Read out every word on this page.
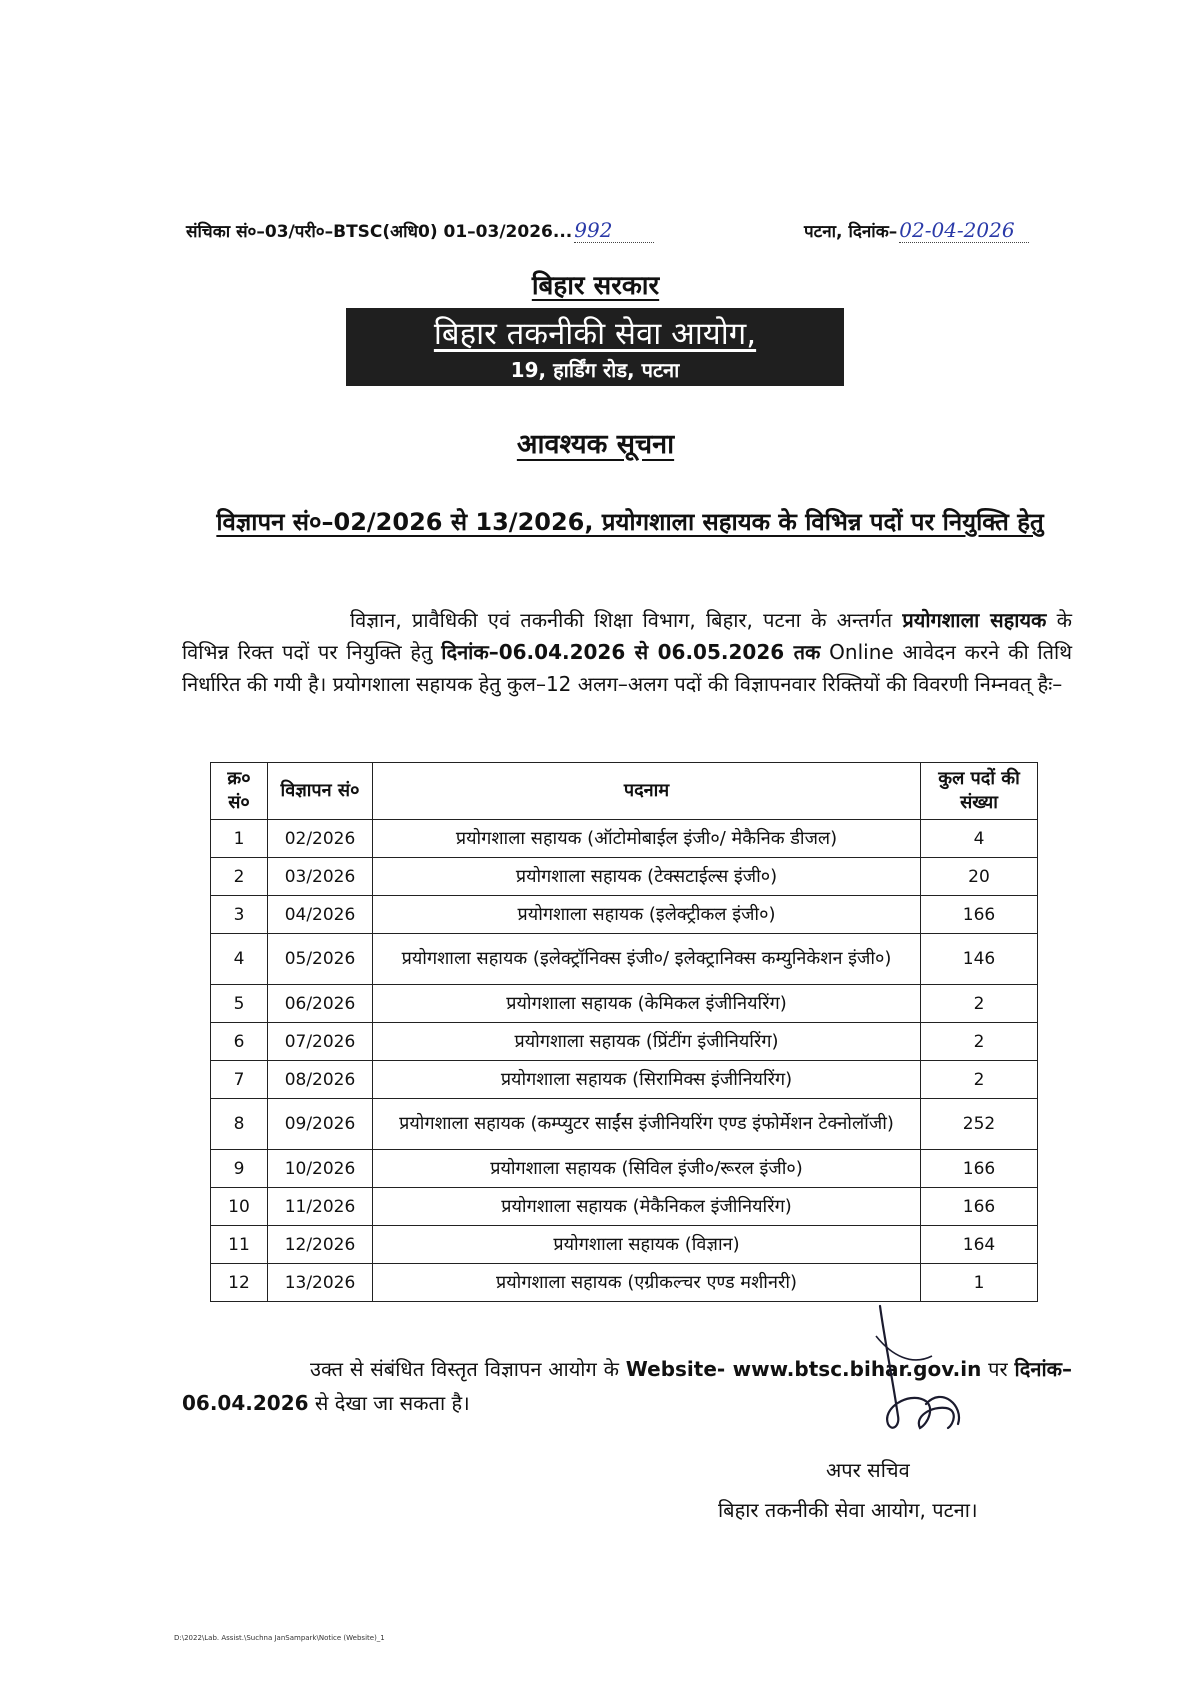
संचिका सं०–03/परी०–BTSC(अधि0) 01–03/2026... 992	पटना, दिनांक– 02-04-2026
बिहार सरकार
बिहार तकनीकी सेवा आयोग,
19, हार्डिंग रोड, पटना
आवश्यक सूचना
विज्ञापन सं०–02/2026 से 13/2026, प्रयोगशाला सहायक के विभिन्न पदों पर नियुक्ति हेतु
विज्ञान, प्रावैधिकी एवं तकनीकी शिक्षा विभाग, बिहार, पटना के अन्तर्गत प्रयोगशाला सहायक के विभिन्न रिक्त पदों पर नियुक्ति हेतु दिनांक–06.04.2026 से 06.05.2026 तक Online आवेदन करने की तिथि निर्धारित की गयी है। प्रयोगशाला सहायक हेतु कुल–12 अलग–अलग पदों की विज्ञापनवार रिक्तियों की विवरणी निम्नवत् हैः–
क्र० सं०	विज्ञापन सं०	पदनाम	कुल पदों की संख्या
1	02/2026	प्रयोगशाला सहायक (ऑटोमोबाईल इंजी०/ मेकैनिक डीजल)	4
2	03/2026	प्रयोगशाला सहायक (टेक्सटाईल्स इंजी०)	20
3	04/2026	प्रयोगशाला सहायक (इलेक्ट्रीकल इंजी०)	166
4	05/2026	प्रयोगशाला सहायक (इलेक्ट्रॉनिक्स इंजी०/ इलेक्ट्रानिक्स कम्युनिकेशन इंजी०)	146
5	06/2026	प्रयोगशाला सहायक (केमिकल इंजीनियरिंग)	2
6	07/2026	प्रयोगशाला सहायक (प्रिंटींग इंजीनियरिंग)	2
7	08/2026	प्रयोगशाला सहायक (सिरामिक्स इंजीनियरिंग)	2
8	09/2026	प्रयोगशाला सहायक (कम्प्युटर साईंस इंजीनियरिंग एण्ड इंफोर्मेशन टेक्नोलॉजी)	252
9	10/2026	प्रयोगशाला सहायक (सिविल इंजी०/रूरल इंजी०)	166
10	11/2026	प्रयोगशाला सहायक (मेकैनिकल इंजीनियरिंग)	166
11	12/2026	प्रयोगशाला सहायक (विज्ञान)	164
12	13/2026	प्रयोगशाला सहायक (एग्रीकल्चर एण्ड मशीनरी)	1
उक्त से संबंधित विस्तृत विज्ञापन आयोग के Website- www.btsc.bihar.gov.in पर दिनांक–06.04.2026 से देखा जा सकता है।
अपर सचिव
बिहार तकनीकी सेवा आयोग, पटना।
D:\2022\Lab. Assist.\Suchna JanSampark\Notice (Website)_1
